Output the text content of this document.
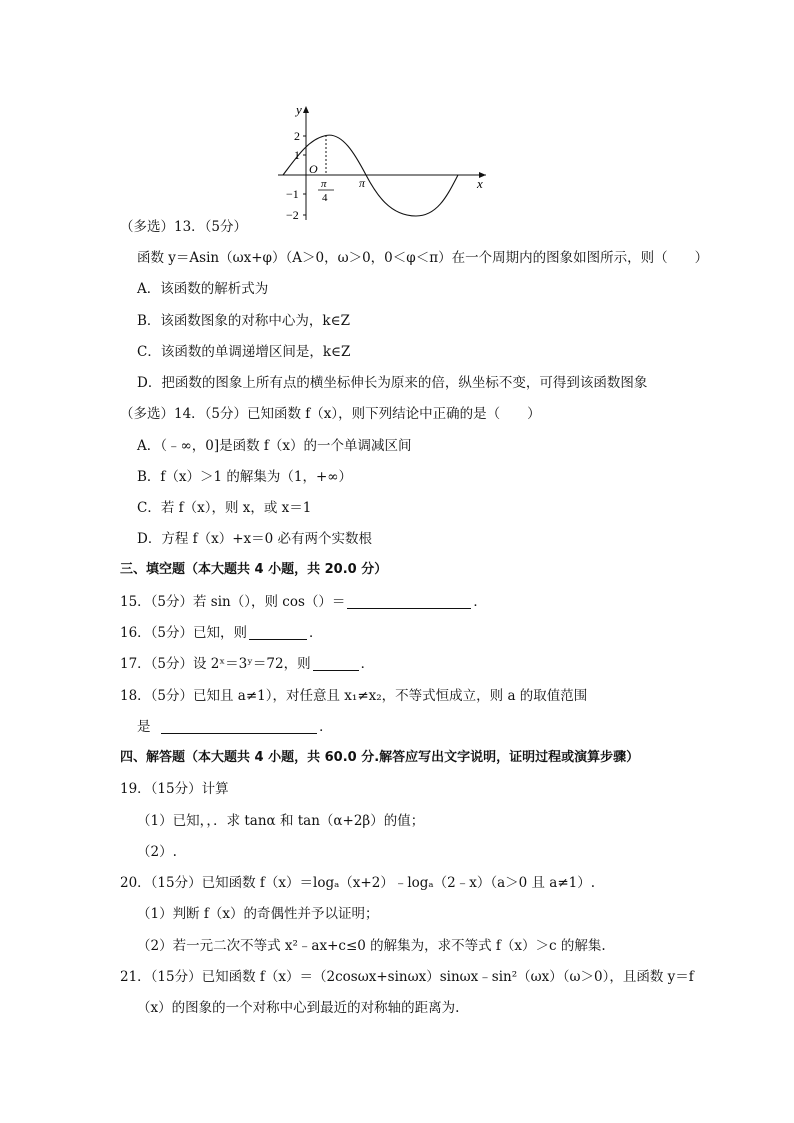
y
x
O
2
1
−1
−2
π
4
π
（多选）13．（5分）
函数 y＝Asin（ωx+φ）（A＞0，ω＞0，0＜φ＜π）在一个周期内的图象如图所示，则（　　）
A．该函数的解析式为
B．该函数图象的对称中心为，k∈Z
C．该函数的单调递增区间是，k∈Z
D．把函数的图象上所有点的横坐标伸长为原来的倍，纵坐标不变，可得到该函数图象
（多选）14．（5分）已知函数 f（x），则下列结论中正确的是（　　）
A．（﹣∞，0]是函数 f（x）的一个单调减区间
B．f（x）＞1 的解集为（1，+∞）
C．若 f（x），则 x，或 x＝1
D．方程 f（x）+x＝0 必有两个实数根
三、填空题（本大题共 4 小题，共 20.0 分）
15．（5分）若 sin（），则 cos（）＝	．
16．（5分）已知，则	．
17．（5分）设 2ˣ＝3ʸ＝72，则	．
18．（5分）已知且 a≠1），对任意且 x₁≠x₂，不等式恒成立，则 a 的取值范围
是	．
四、解答题（本大题共 4 小题，共 60.0 分.解答应写出文字说明，证明过程或演算步骤）
19．（15分）计算
（1）已知，，．求 tanα 和 tan（α+2β）的值；
（2）.
20．（15分）已知函数 f（x）＝logₐ（x+2）﹣logₐ（2﹣x）（a＞0 且 a≠1）.
（1）判断 f（x）的奇偶性并予以证明；
（2）若一元二次不等式 x²﹣ax+c≤0 的解集为，求不等式 f（x）＞c 的解集.
21．（15分）已知函数 f（x）＝（2cosωx+sinωx）sinωx﹣sin²（ωx）（ω＞0），且函数 y＝f
（x）的图象的一个对称中心到最近的对称轴的距离为.
